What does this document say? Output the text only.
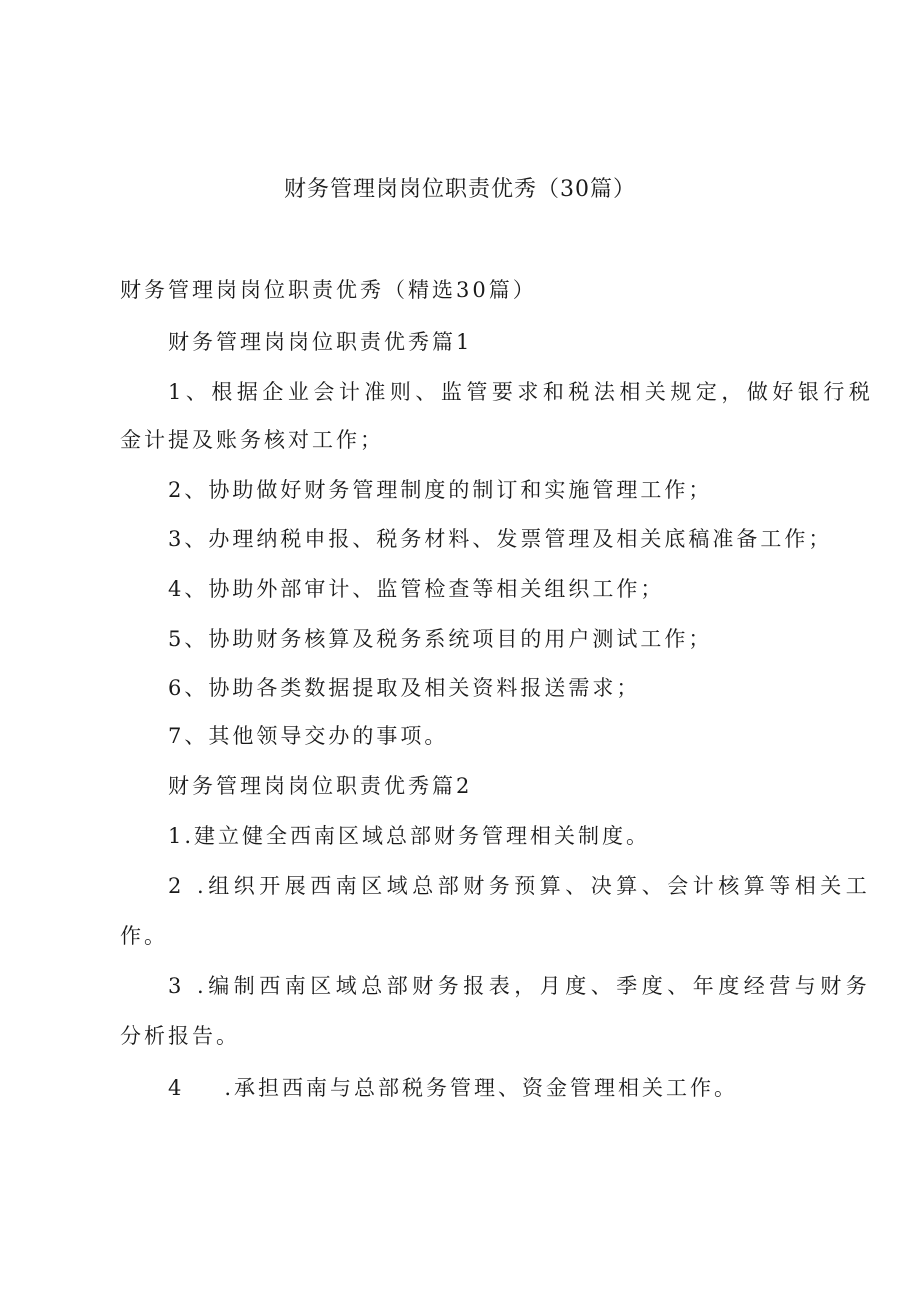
财务管理岗岗位职责优秀（30篇）
财务管理岗岗位职责优秀（精选30篇）
财务管理岗岗位职责优秀篇1
1、根据企业会计准则、监管要求和税法相关规定，做好银行税
金计提及账务核对工作；
2、协助做好财务管理制度的制订和实施管理工作；
3、办理纳税申报、税务材料、发票管理及相关底稿准备工作；
4、协助外部审计、监管检查等相关组织工作；
5、协助财务核算及税务系统项目的用户测试工作；
6、协助各类数据提取及相关资料报送需求；
7、其他领导交办的事项。
财务管理岗岗位职责优秀篇2
1.建立健全西南区域总部财务管理相关制度。
2 .组织开展西南区域总部财务预算、决算、会计核算等相关工
作。
3 .编制西南区域总部财务报表，月度、季度、年度经营与财务
分析报告。
4 .承担西南与总部税务管理、资金管理相关工作。
